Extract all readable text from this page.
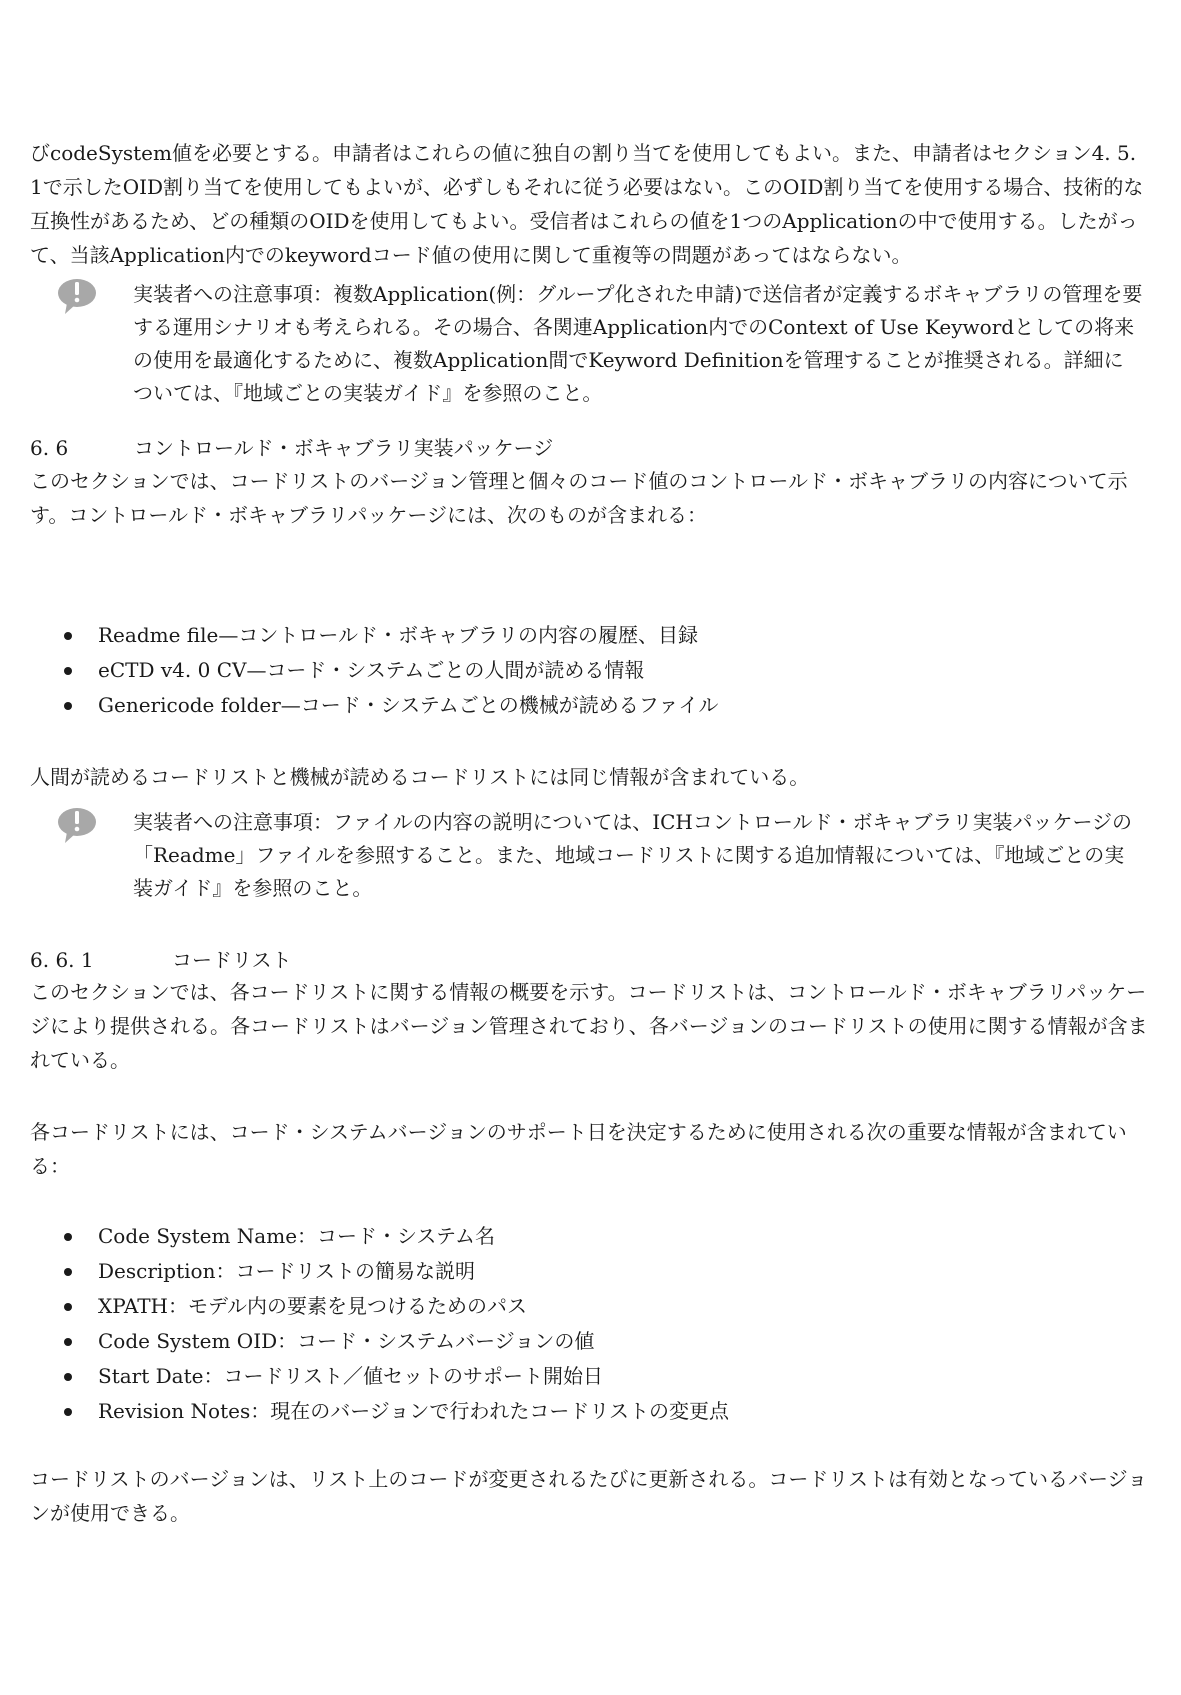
びcodeSystem値を必要とする。申請者はこれらの値に独自の割り当てを使用してもよい。また、申請者はセクション4. 5. 1で示したOID割り当てを使用してもよいが、必ずしもそれに従う必要はない。このOID割り当てを使用する場合、技術的な互換性があるため、どの種類のOIDを使用してもよい。受信者はこれらの値を1つのApplicationの中で使用する。したがって、当該Application内でのkeywordコード値の使用に関して重複等の問題があってはならない。

実装者への注意事項：複数Application(例：グループ化された申請)で送信者が定義するボキャブラリの管理を要する運用シナリオも考えられる。その場合、各関連Application内でのContext of Use Keywordとしての将来の使用を最適化するために、複数Application間でKeyword Definitionを管理することが推奨される。詳細については、『地域ごとの実装ガイド』を参照のこと。

6. 6	コントロールド・ボキャブラリ実装パッケージ

このセクションでは、コードリストのバージョン管理と個々のコード値のコントロールド・ボキャブラリの内容について示す。コントロールド・ボキャブラリパッケージには、次のものが含まれる：

Readme file—コントロールド・ボキャブラリの内容の履歴、目録
eCTD v4. 0 CV—コード・システムごとの人間が読める情報
Genericode folder—コード・システムごとの機械が読めるファイル

人間が読めるコードリストと機械が読めるコードリストには同じ情報が含まれている。

実装者への注意事項：ファイルの内容の説明については、ICHコントロールド・ボキャブラリ実装パッケージの「Readme」ファイルを参照すること。また、地域コードリストに関する追加情報については、『地域ごとの実装ガイド』を参照のこと。

6. 6. 1	コードリスト

このセクションでは、各コードリストに関する情報の概要を示す。コードリストは、コントロールド・ボキャブラリパッケージにより提供される。各コードリストはバージョン管理されており、各バージョンのコードリストの使用に関する情報が含まれている。

各コードリストには、コード・システムバージョンのサポート日を決定するために使用される次の重要な情報が含まれている：

Code System Name：コード・システム名
Description：コードリストの簡易な説明
XPATH：モデル内の要素を見つけるためのパス
Code System OID：コード・システムバージョンの値
Start Date：コードリスト／値セットのサポート開始日
Revision Notes：現在のバージョンで行われたコードリストの変更点

コードリストのバージョンは、リスト上のコードが変更されるたびに更新される。コードリストは有効となっているバージョンが使用できる。
